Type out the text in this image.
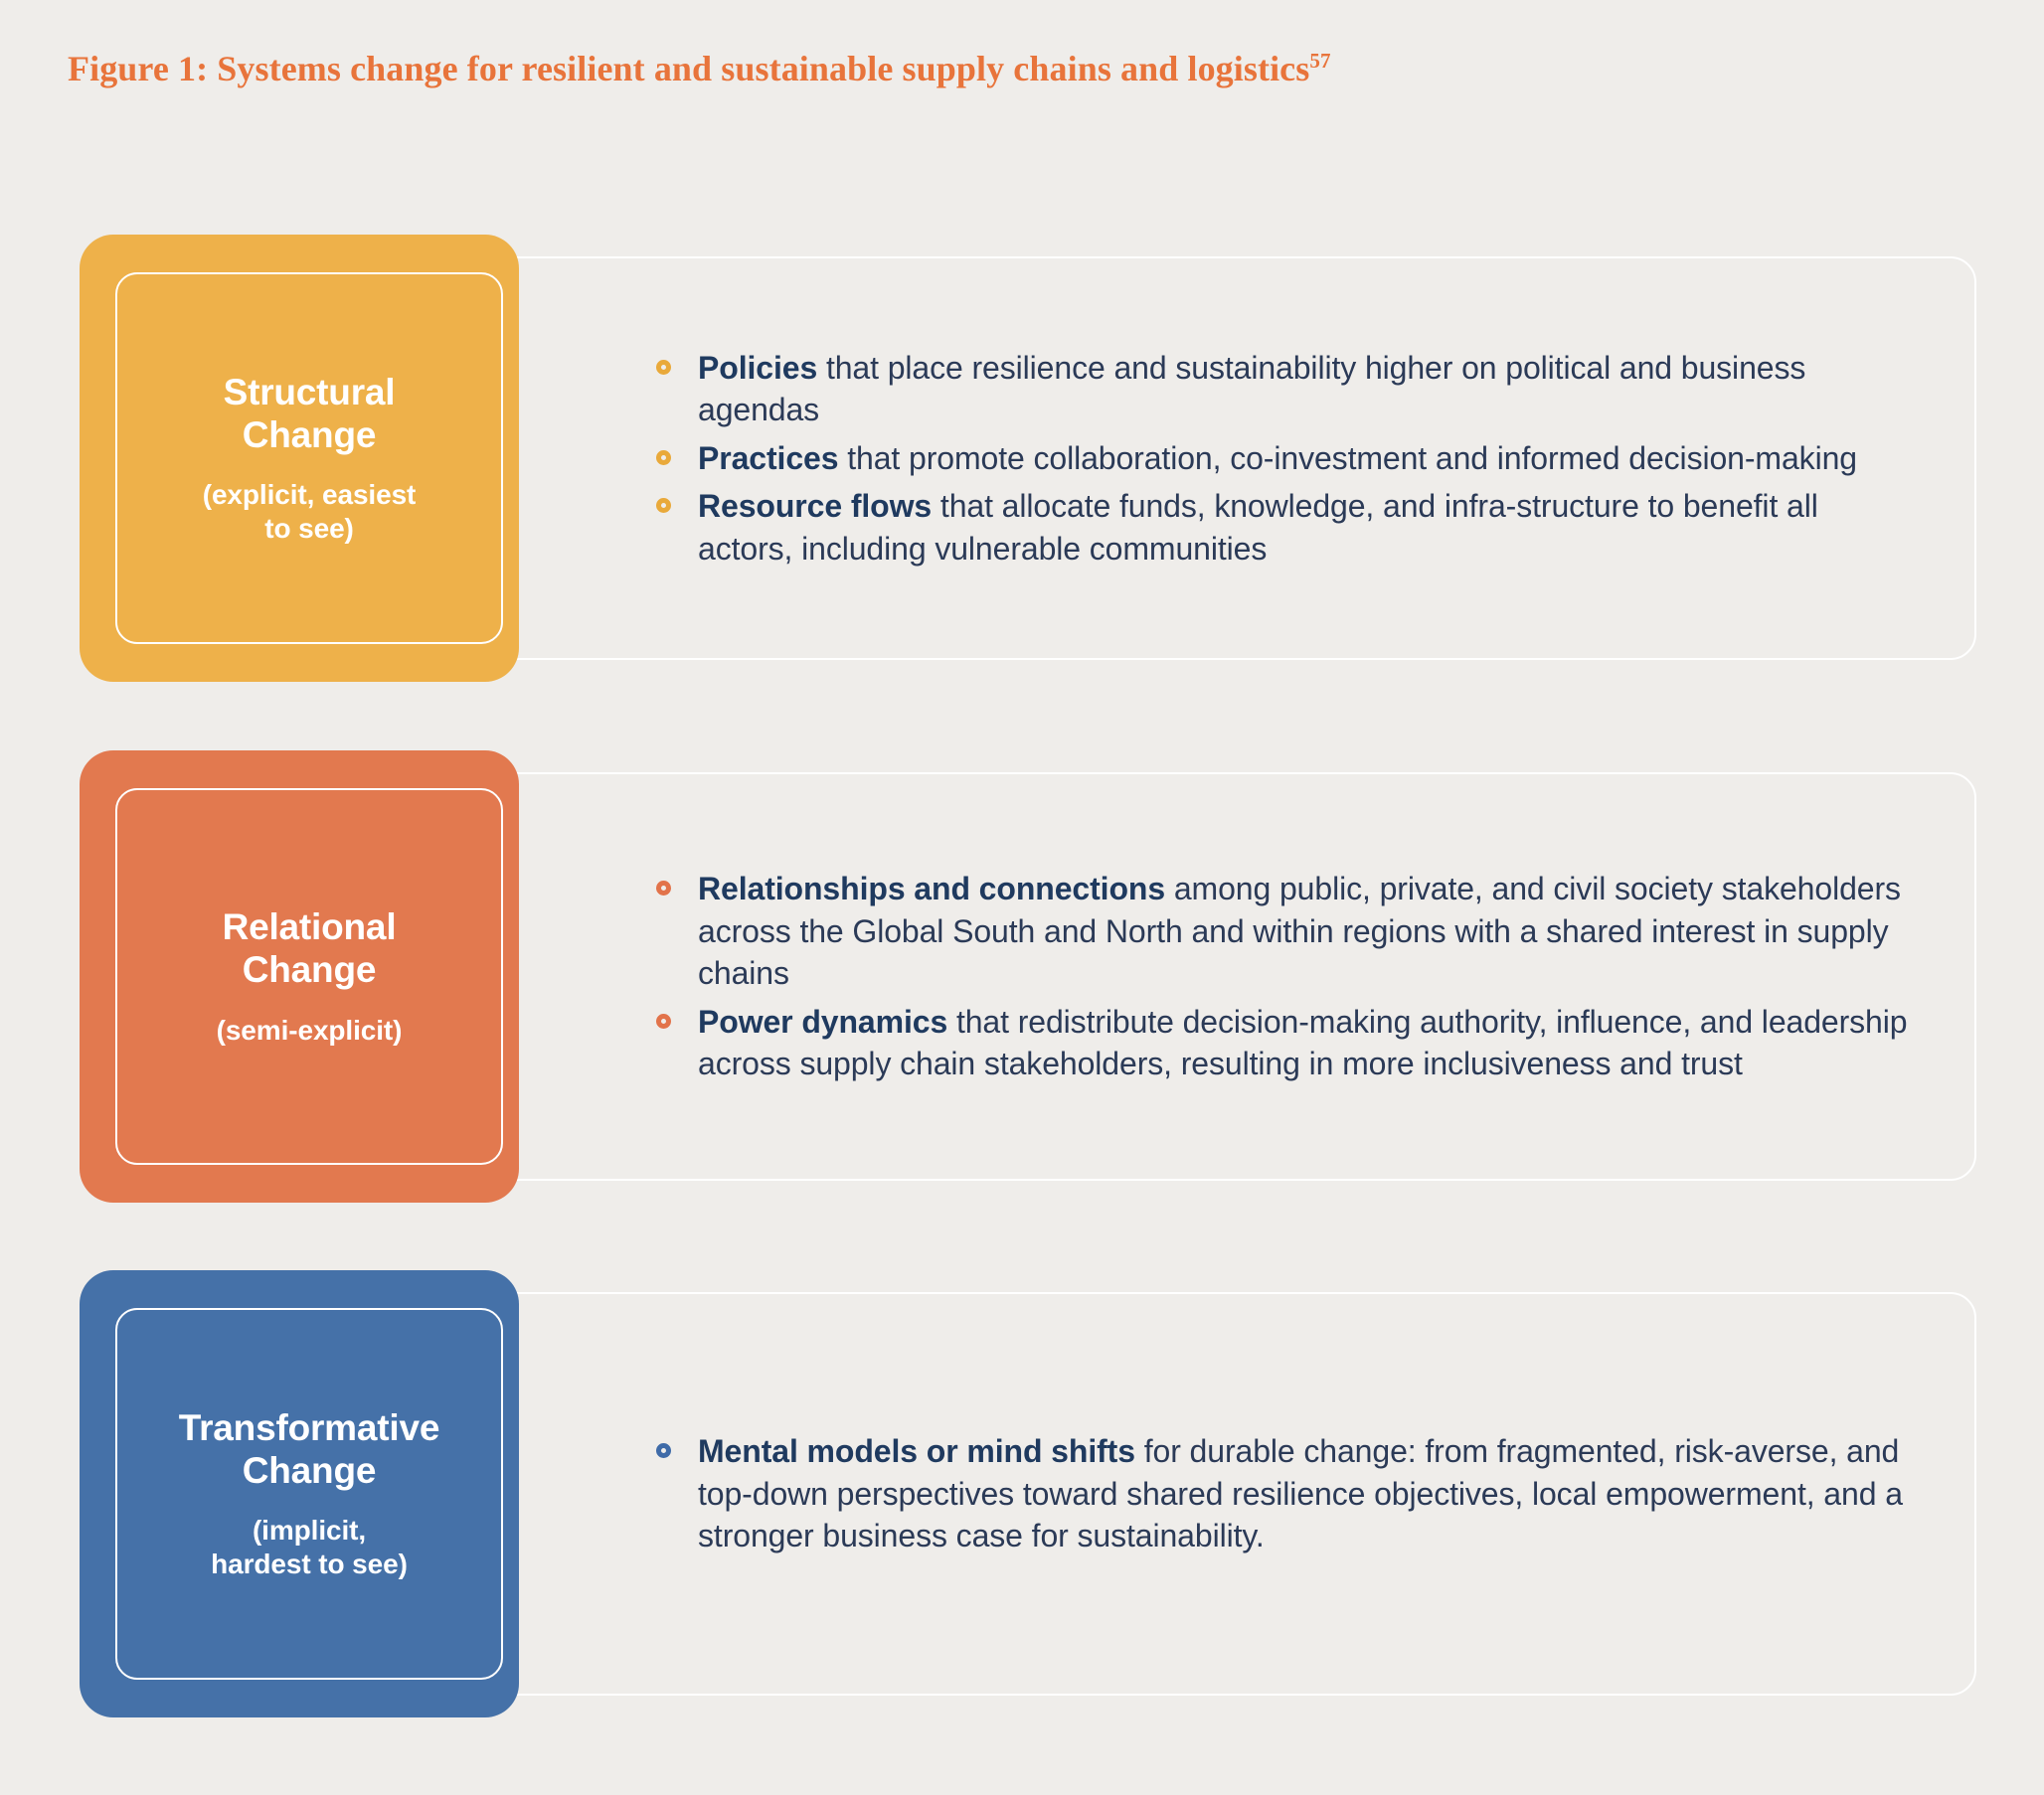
Figure 1: Systems change for resilient and sustainable supply chains and logistics$^{57}$
Structural
Change
(explicit, easiest
to see)
Policies that place resilience and sustainability higher on political and business agendas
Practices that promote collaboration, co-investment and informed decision-making
Resource flows that allocate funds, knowledge, and infra-structure to benefit all actors, including vulnerable communities
Relational
Change
(semi-explicit)
Relationships and connections among public, private, and civil society stakeholders across the Global South and North and within regions with a shared interest in supply chains
Power dynamics that redistribute decision-making authority, influence, and leadership across supply chain stakeholders, resulting in more inclusiveness and trust
Transformative
Change
(implicit,
hardest to see)
Mental models or mind shifts for durable change: from fragmented, risk-averse, and top-down perspectives toward shared resilience objectives, local empowerment, and a stronger business case for sustainability.
